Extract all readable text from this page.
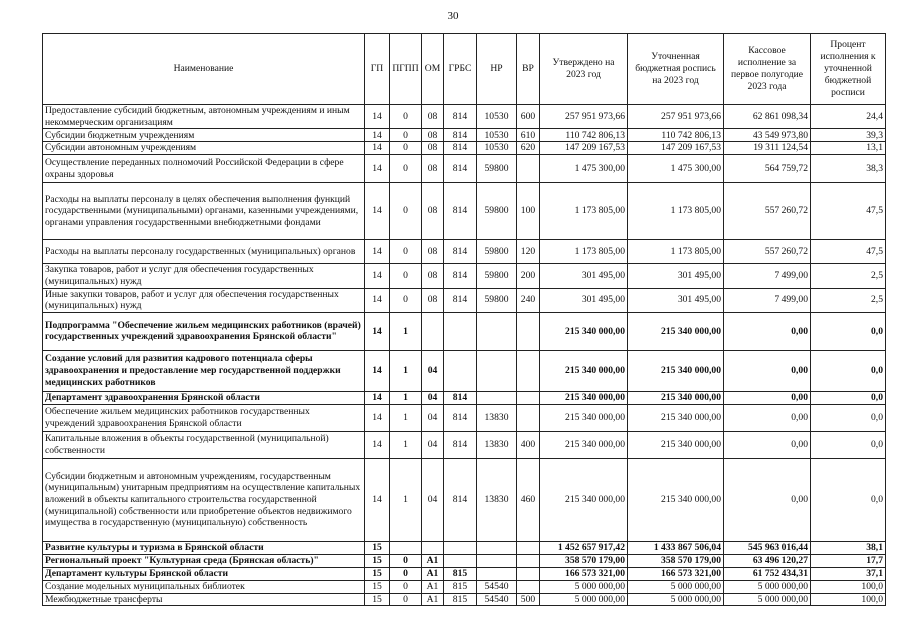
30
Наименование	ГП	ПГПП	ОМ	ГРБС	НР	ВР	Утверждено на 2023 год	Уточненная бюджетная роспись на 2023 год	Кассовое исполнение за первое полугодие 2023 года	Процент исполнения к уточненной бюджетной росписи
Предоставление субсидий бюджетным, автономным учреждениям и иным некоммерческим организациям	14	0	08	814	10530	600	257 951 973,66	257 951 973,66	62 861 098,34	24,4
Субсидии бюджетным учреждениям	14	0	08	814	10530	610	110 742 806,13	110 742 806,13	43 549 973,80	39,3
Субсидии автономным учреждениям	14	0	08	814	10530	620	147 209 167,53	147 209 167,53	19 311 124,54	13,1
Осуществление переданных полномочий Российской Федерации в сфере охраны здоровья	14	0	08	814	59800		1 475 300,00	1 475 300,00	564 759,72	38,3
Расходы на выплаты персоналу в целях обеспечения выполнения функций государственными (муниципальными) органами, казенными учреждениями, органами управления государственными внебюджетными фондами	14	0	08	814	59800	100	1 173 805,00	1 173 805,00	557 260,72	47,5
Расходы на выплаты персоналу государственных (муниципальных) органов	14	0	08	814	59800	120	1 173 805,00	1 173 805,00	557 260,72	47,5
Закупка товаров, работ и услуг для обеспечения государственных (муниципальных) нужд	14	0	08	814	59800	200	301 495,00	301 495,00	7 499,00	2,5
Иные закупки товаров, работ и услуг для обеспечения государственных (муниципальных) нужд	14	0	08	814	59800	240	301 495,00	301 495,00	7 499,00	2,5
Подпрограмма "Обеспечение жильем медицинских работников (врачей) государственных учреждений здравоохранения Брянской области"	14	1					215 340 000,00	215 340 000,00	0,00	0,0
Создание условий для развития кадрового потенциала сферы здравоохранения и предоставление мер государственной поддержки медицинских работников	14	1	04				215 340 000,00	215 340 000,00	0,00	0,0
Департамент здравоохранения Брянской области	14	1	04	814			215 340 000,00	215 340 000,00	0,00	0,0
Обеспечение жильем медицинских работников государственных учреждений здравоохранения Брянской области	14	1	04	814	13830		215 340 000,00	215 340 000,00	0,00	0,0
Капитальные вложения в объекты государственной (муниципальной) собственности	14	1	04	814	13830	400	215 340 000,00	215 340 000,00	0,00	0,0
Субсидии бюджетным и автономным учреждениям, государственным (муниципальным) унитарным предприятиям на осуществление капитальных вложений в объекты капитального строительства государственной (муниципальной) собственности или приобретение объектов недвижимого имущества в государственную (муниципальную) собственность	14	1	04	814	13830	460	215 340 000,00	215 340 000,00	0,00	0,0
Развитие культуры и туризма в Брянской области	15						1 452 657 917,42	1 433 867 506,04	545 963 016,44	38,1
Региональный проект "Культурная среда (Брянская область)"	15	0	A1				358 570 179,00	358 570 179,00	63 496 120,27	17,7
Департамент культуры Брянской области	15	0	A1	815			166 573 321,00	166 573 321,00	61 752 434,31	37,1
Создание модельных муниципальных библиотек	15	0	A1	815	54540		5 000 000,00	5 000 000,00	5 000 000,00	100,0
Межбюджетные трансферты	15	0	A1	815	54540	500	5 000 000,00	5 000 000,00	5 000 000,00	100,0
